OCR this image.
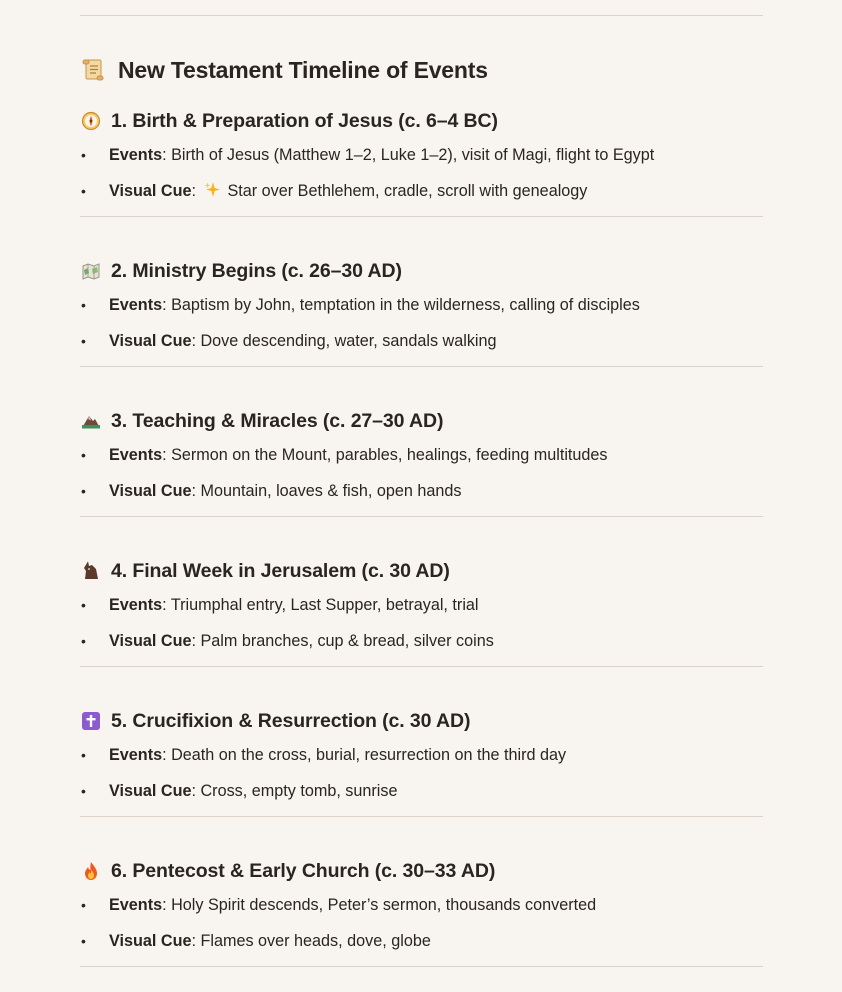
New Testament Timeline of Events
1. Birth & Preparation of Jesus (c. 6–4 BC)
• Events: Birth of Jesus (Matthew 1–2, Luke 1–2), visit of Magi, flight to Egypt
• Visual Cue: Star over Bethlehem, cradle, scroll with genealogy
2. Ministry Begins (c. 26–30 AD)
• Events: Baptism by John, temptation in the wilderness, calling of disciples
• Visual Cue: Dove descending, water, sandals walking
3. Teaching & Miracles (c. 27–30 AD)
• Events: Sermon on the Mount, parables, healings, feeding multitudes
• Visual Cue: Mountain, loaves & fish, open hands
4. Final Week in Jerusalem (c. 30 AD)
• Events: Triumphal entry, Last Supper, betrayal, trial
• Visual Cue: Palm branches, cup & bread, silver coins
5. Crucifixion & Resurrection (c. 30 AD)
• Events: Death on the cross, burial, resurrection on the third day
• Visual Cue: Cross, empty tomb, sunrise
6. Pentecost & Early Church (c. 30–33 AD)
• Events: Holy Spirit descends, Peter’s sermon, thousands converted
• Visual Cue: Flames over heads, dove, globe
